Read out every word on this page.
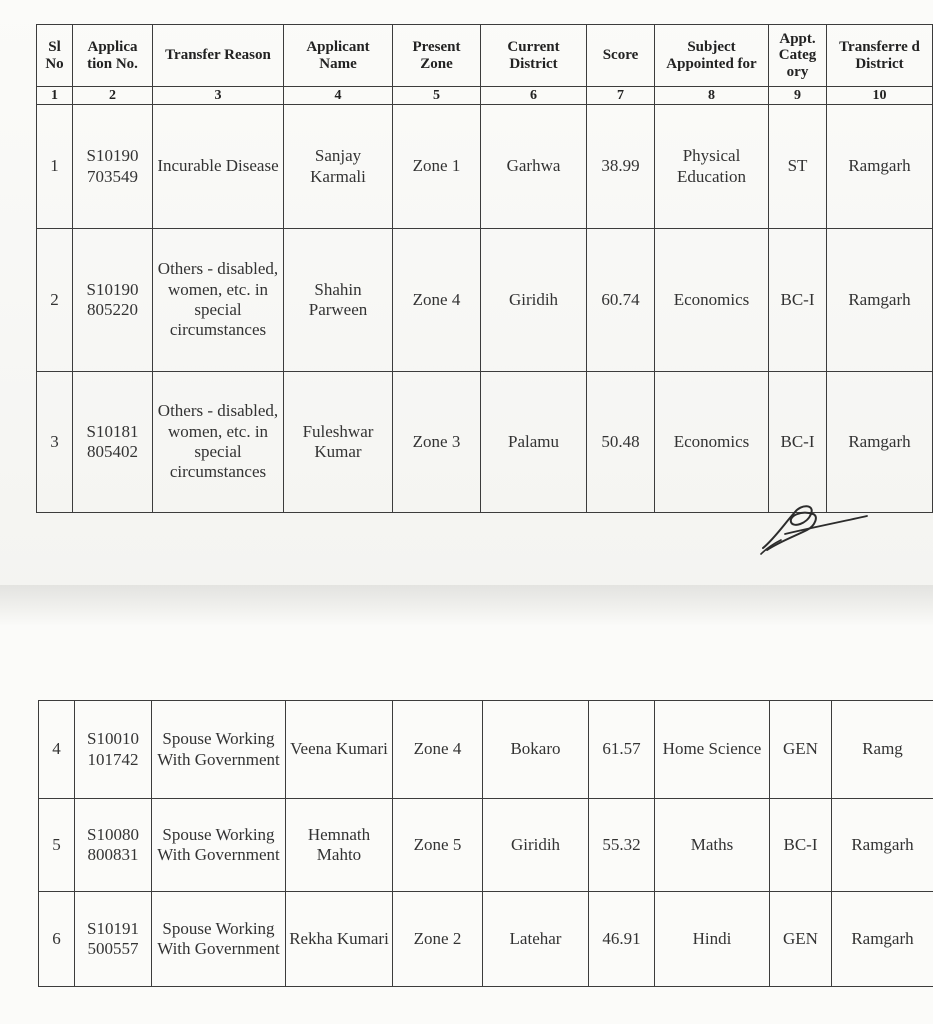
Sl No	Applica tion No.	Transfer Reason	Applicant Name	Present Zone	Current District	Score	Subject Appointed for	Appt. Categ ory	Transferre d District
1	2	3	4	5	6	7	8	9	10
1	S10190 703549	Incurable Disease	Sanjay Karmali	Zone 1	Garhwa	38.99	Physical Education	ST	Ramgarh
2	S10190 805220	Others - disabled, women, etc. in special circumstances	Shahin Parween	Zone 4	Giridih	60.74	Economics	BC-I	Ramgarh
3	S10181 805402	Others - disabled, women, etc. in special circumstances	Fuleshwar Kumar	Zone 3	Palamu	50.48	Economics	BC-I	Ramgarh
4	S10010 101742	Spouse Working With Government	Veena Kumari	Zone 4	Bokaro	61.57	Home Science	GEN	Ramg
5	S10080 800831	Spouse Working With Government	Hemnath Mahto	Zone 5	Giridih	55.32	Maths	BC-I	Ramgarh
6	S10191 500557	Spouse Working With Government	Rekha Kumari	Zone 2	Latehar	46.91	Hindi	GEN	Ramgarh
